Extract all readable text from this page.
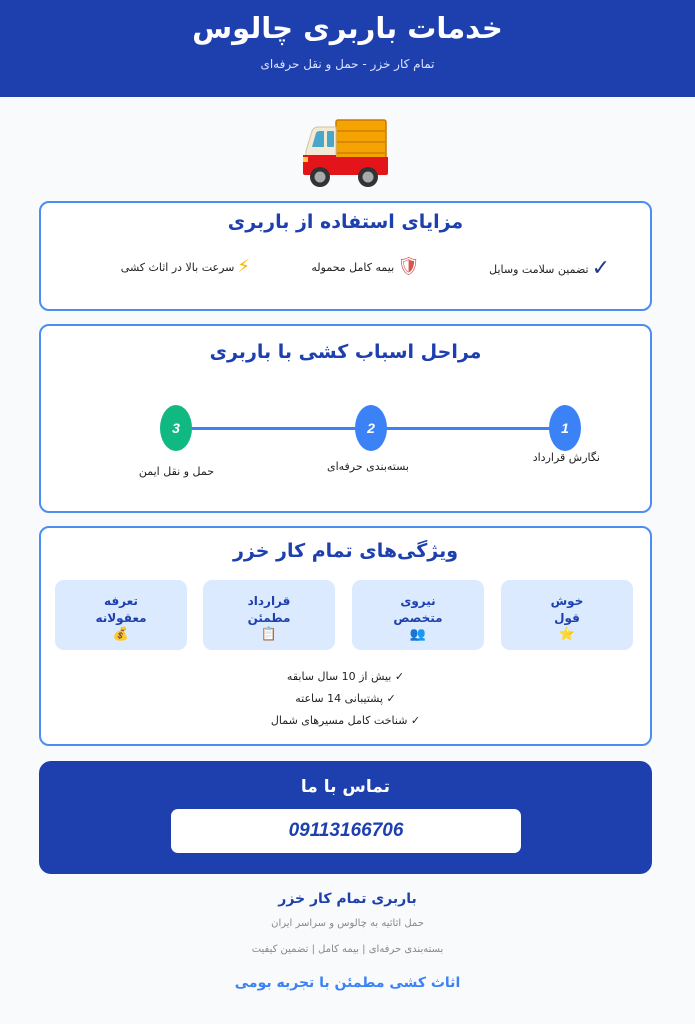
خدمات باربری چالوس
تمام کار خزر - حمل و نقل حرفه‌ای
مزایای استفاده از باربری
✓
تضمین سلامت وسایل
🛡
بیمه کامل محموله
⚡
سرعت بالا در اثاث کشی
مراحل اسباب کشی با باربری
1
نگارش قرارداد
2
بسته‌بندی حرفه‌ای
3
حمل و نقل ایمن
ویژگی‌های تمام کار خزر
خوش
قول
⭐
نیروی
متخصص
👥
قرارداد
مطمئن
📋
تعرفه
معقولانه
💰
✓ بیش از 10 سال سابقه
✓ پشتیبانی 14 ساعته
✓ شناخت کامل مسیرهای شمال
تماس با ما
09113166706
باربری تمام کار خزر
حمل اثاثیه به چالوس و سراسر ایران
بسته‌بندی حرفه‌ای | بیمه کامل | تضمین کیفیت
اثاث کشی مطمئن با تجربه بومی
